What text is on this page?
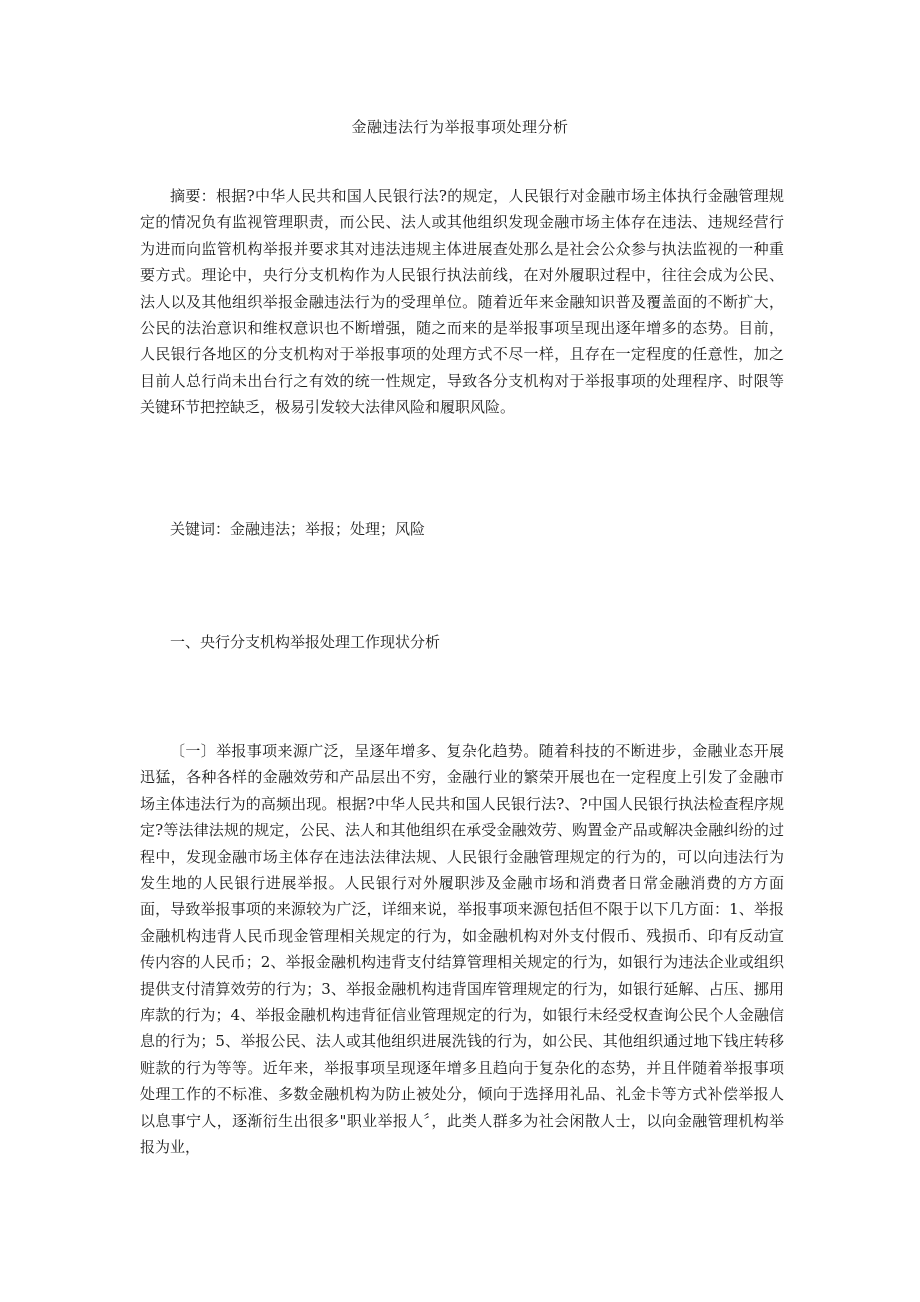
金融违法行为举报事项处理分析

摘要：根据?中华人民共和国人民银行法?的规定，人民银行对金融市场主体执行金融管理规定的情况负有监视管理职责，而公民、法人或其他组织发现金融市场主体存在违法、违规经营行为进而向监管机构举报并要求其对违法违规主体进展查处那么是社会公众参与执法监视的一种重要方式。理论中，央行分支机构作为人民银行执法前线，在对外履职过程中，往往会成为公民、法人以及其他组织举报金融违法行为的受理单位。随着近年来金融知识普及覆盖面的不断扩大，公民的法治意识和维权意识也不断增强，随之而来的是举报事项呈现出逐年增多的态势。目前，人民银行各地区的分支机构对于举报事项的处理方式不尽一样，且存在一定程度的任意性，加之目前人总行尚未出台行之有效的统一性规定，导致各分支机构对于举报事项的处理程序、时限等关键环节把控缺乏，极易引发较大法律风险和履职风险。

关键词：金融违法；举报；处理；风险

一、央行分支机构举报处理工作现状分析

〔一〕举报事项来源广泛，呈逐年增多、复杂化趋势。随着科技的不断进步，金融业态开展迅猛，各种各样的金融效劳和产品层出不穷，金融行业的繁荣开展也在一定程度上引发了金融市场主体违法行为的高频出现。根据?中华人民共和国人民银行法?、?中国人民银行执法检查程序规定?等法律法规的规定，公民、法人和其他组织在承受金融效劳、购置金产品或解决金融纠纷的过程中，发现金融市场主体存在违法法律法规、人民银行金融管理规定的行为的，可以向违法行为发生地的人民银行进展举报。人民银行对外履职涉及金融市场和消费者日常金融消费的方方面面，导致举报事项的来源较为广泛，详细来说，举报事项来源包括但不限于以下几方面：1、举报金融机构违背人民币现金管理相关规定的行为，如金融机构对外支付假币、残损币、印有反动宣传内容的人民币；2、举报金融机构违背支付结算管理相关规定的行为，如银行为违法企业或组织提供支付清算效劳的行为；3、举报金融机构违背国库管理规定的行为，如银行延解、占压、挪用库款的行为；4、举报金融机构违背征信业管理规定的行为，如银行未经受权查询公民个人金融信息的行为；5、举报公民、法人或其他组织进展洗钱的行为，如公民、其他组织通过地下钱庄转移赃款的行为等等。近年来，举报事项呈现逐年增多且趋向于复杂化的态势，并且伴随着举报事项处理工作的不标准、多数金融机构为防止被处分，倾向于选择用礼品、礼金卡等方式补偿举报人以息事宁人，逐渐衍生出很多"职业举报人〞，此类人群多为社会闲散人士，以向金融管理机构举报为业，
